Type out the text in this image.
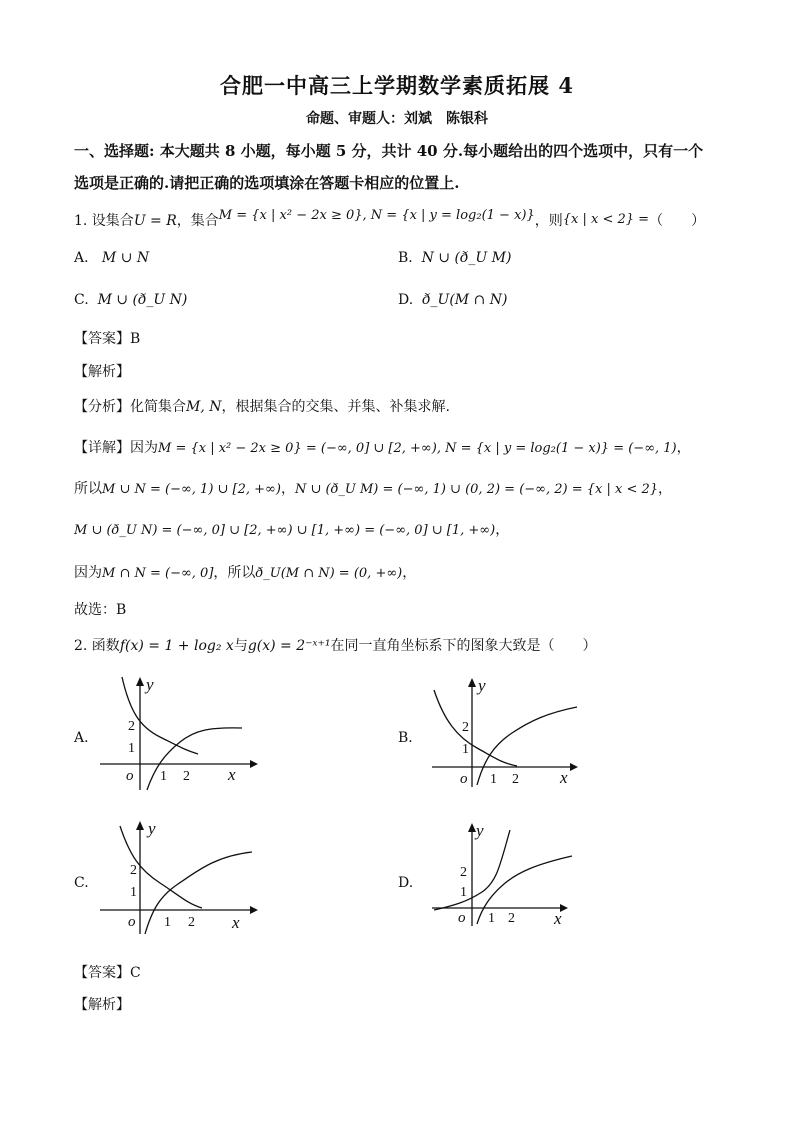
合肥一中高三上学期数学素质拓展 4
命题、审题人：刘斌　陈银科
一、选择题: 本大题共 8 小题，每小题 5 分，共计 40 分.每小题给出的四个选项中，只有一个
选项是正确的.请把正确的选项填涂在答题卡相应的位置上.
1. 设集合U = R，集合M = {x | x² − 2x ≥ 0}, N = {x | y = log₂(1 − x)}，则{x | x < 2} =（　　）
A. M ∪ N	B. N ∪ (ð_U M)
C. M ∪ (ð_U N)	D. ð_U(M ∩ N)
【答案】B
【解析】
【分析】化简集合M, N，根据集合的交集、并集、补集求解.
【详解】因为M = {x | x² − 2x ≥ 0} = (−∞, 0] ∪ [2, +∞), N = {x | y = log₂(1 − x)} = (−∞, 1)，
所以M ∪ N = (−∞, 1) ∪ [2, +∞)，N ∪ (ð_U M) = (−∞, 1) ∪ (0, 2) = (−∞, 2) = {x | x < 2}，
M ∪ (ð_U N) = (−∞, 0] ∪ [2, +∞) ∪ [1, +∞) = (−∞, 0] ∪ [1, +∞)，
因为M ∩ N = (−∞, 0]，所以ð_U(M ∩ N) = (0, +∞)，
故选：B
2. 函数f(x) = 1 + log₂ x与g(x) = 2⁻ˣ⁺¹在同一直角坐标系下的图象大致是（　　）
A.	B.
C.	D.
y
x
o 1 2
1
2
y
x
o 1 2
1
2
y
x
o 1 2
1
2
y
x
o 1 2
1
2
【答案】C
【解析】
